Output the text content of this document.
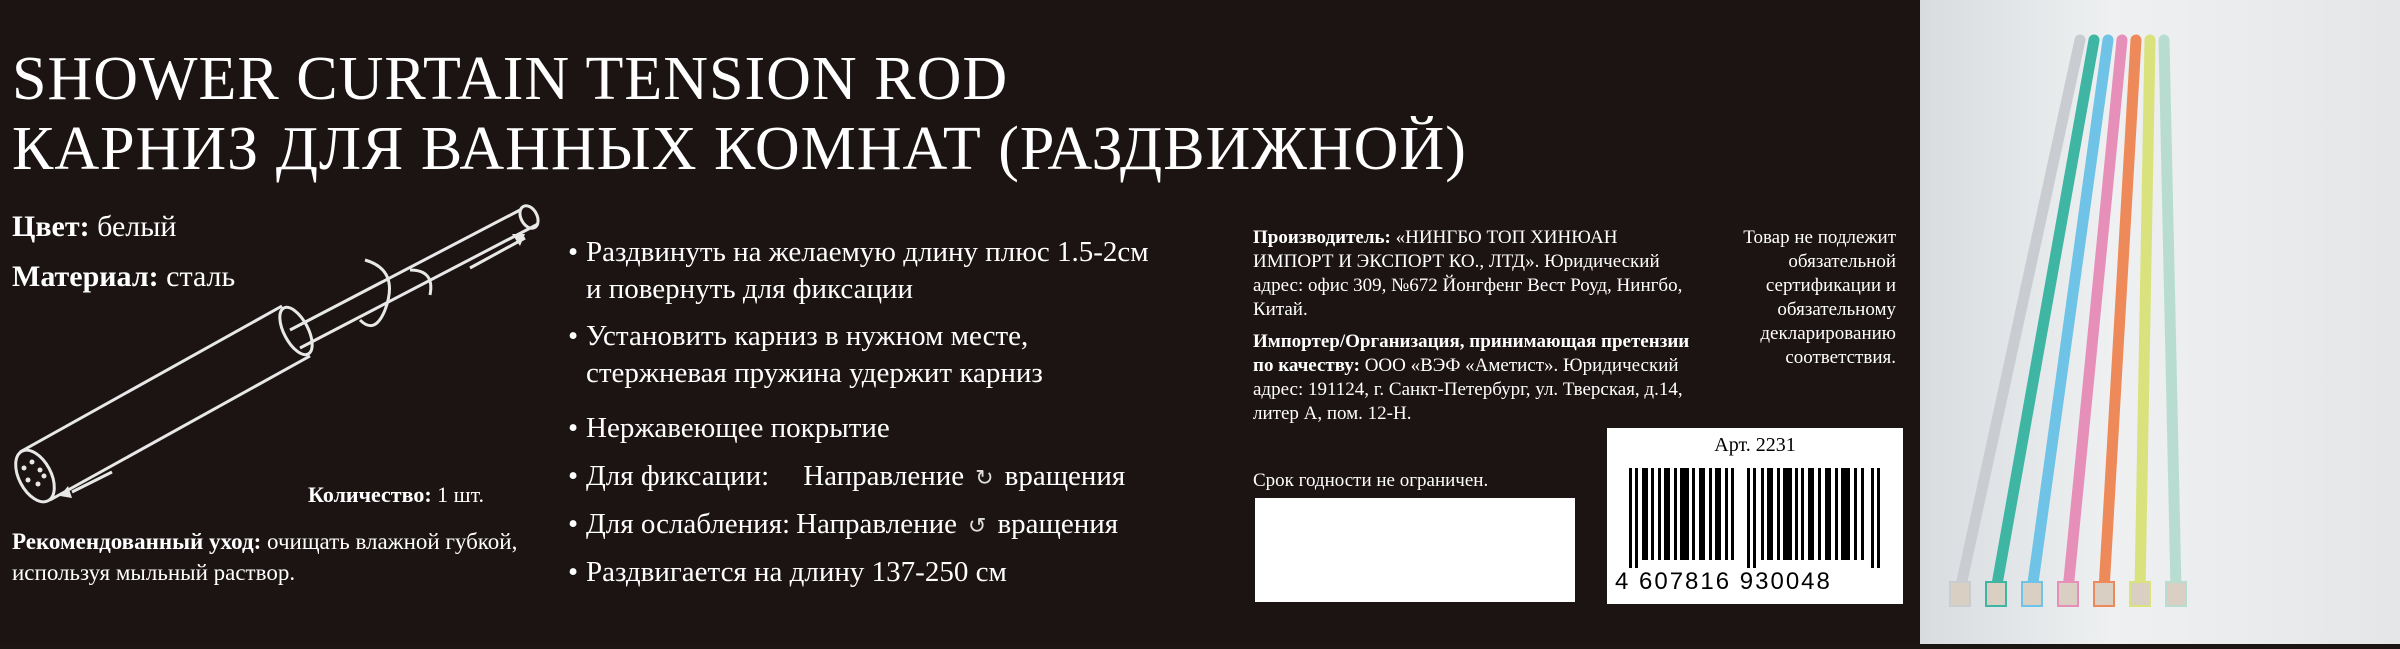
SHOWER CURTAIN TENSION ROD
КАРНИЗ ДЛЯ ВАННЫХ КОМНАТ (РАЗДВИЖНОЙ)
Цвет: белый
Материал: сталь
Количество: 1 шт.
Рекомендованный уход: очищать влажной губкой, используя мыльный раствор.
• Раздвинуть на желаемую длину плюс 1.5-2см
и повернуть для фиксации
• Установить карниз в нужном месте,
стержневая пружина удержит карниз
• Нержавеющее покрытие
• Для фиксации: Направление ↻ вращения
• Для ослабления: Направление ↺ вращения
• Раздвигается на длину 137-250 см
Производитель: «НИНГБО ТОП ХИНЮАН ИМПОРТ И ЭКСПОРТ КО., ЛТД». Юридический адрес: офис 309, №672 Йонгфенг Вест Роуд, Нингбо, Китай.
Импортер/Организация, принимающая претензии по качеству: ООО «ВЭФ «Аметист». Юридический адрес: 191124, г. Санкт-Петербург, ул. Тверская, д.14, литер А, пом. 12-Н.
Срок годности не ограничен.
Товар не подлежит обязательной сертификации и обязательному декларированию соответствия.
Арт. 2231
4 607816 930048
